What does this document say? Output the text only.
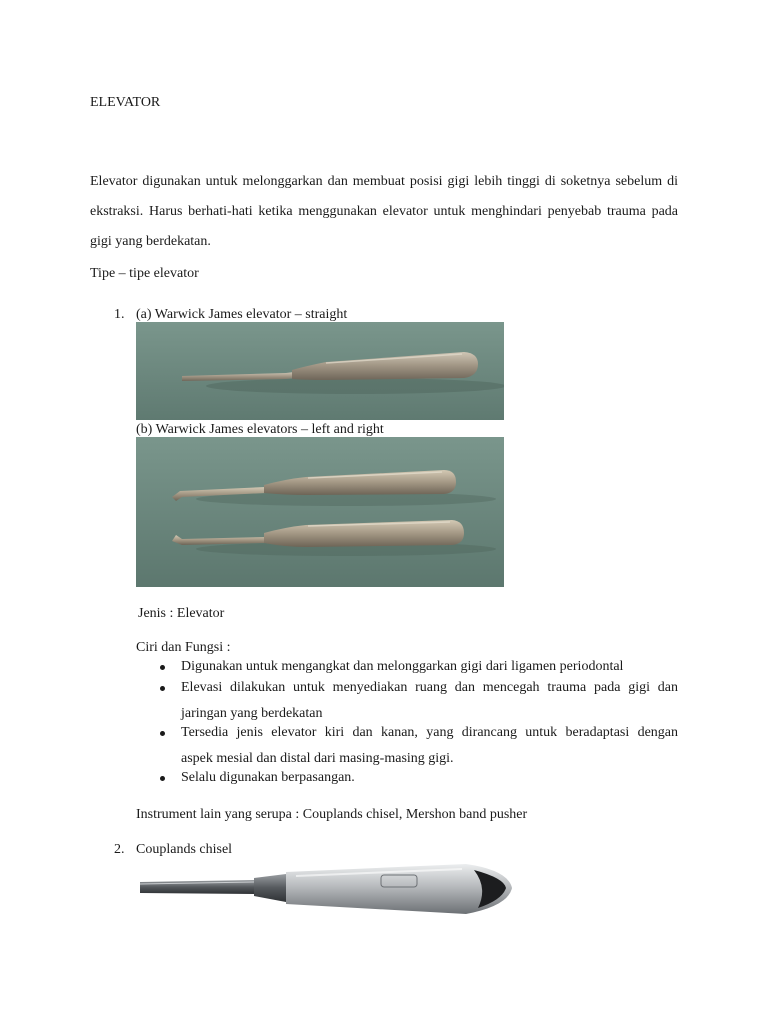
ELEVATOR
Elevator digunakan untuk melonggarkan dan membuat posisi gigi lebih tinggi di soketnya sebelum di ekstraksi. Harus berhati-hati ketika menggunakan elevator untuk menghindari penyebab trauma pada gigi yang berdekatan.
Tipe – tipe elevator
1. (a) Warwick James elevator – straight
(b) Warwick James elevators – left and right
Jenis : Elevator
Ciri dan Fungsi :
Digunakan untuk mengangkat dan melonggarkan gigi dari ligamen periodontal
Elevasi dilakukan untuk menyediakan ruang dan mencegah trauma pada gigi dan
jaringan yang berdekatan
Tersedia jenis elevator kiri dan kanan, yang dirancang untuk beradaptasi dengan
aspek mesial dan distal dari masing-masing gigi.
Selalu digunakan berpasangan.
Instrument lain yang serupa : Couplands chisel, Mershon band pusher
2. Couplands chisel
